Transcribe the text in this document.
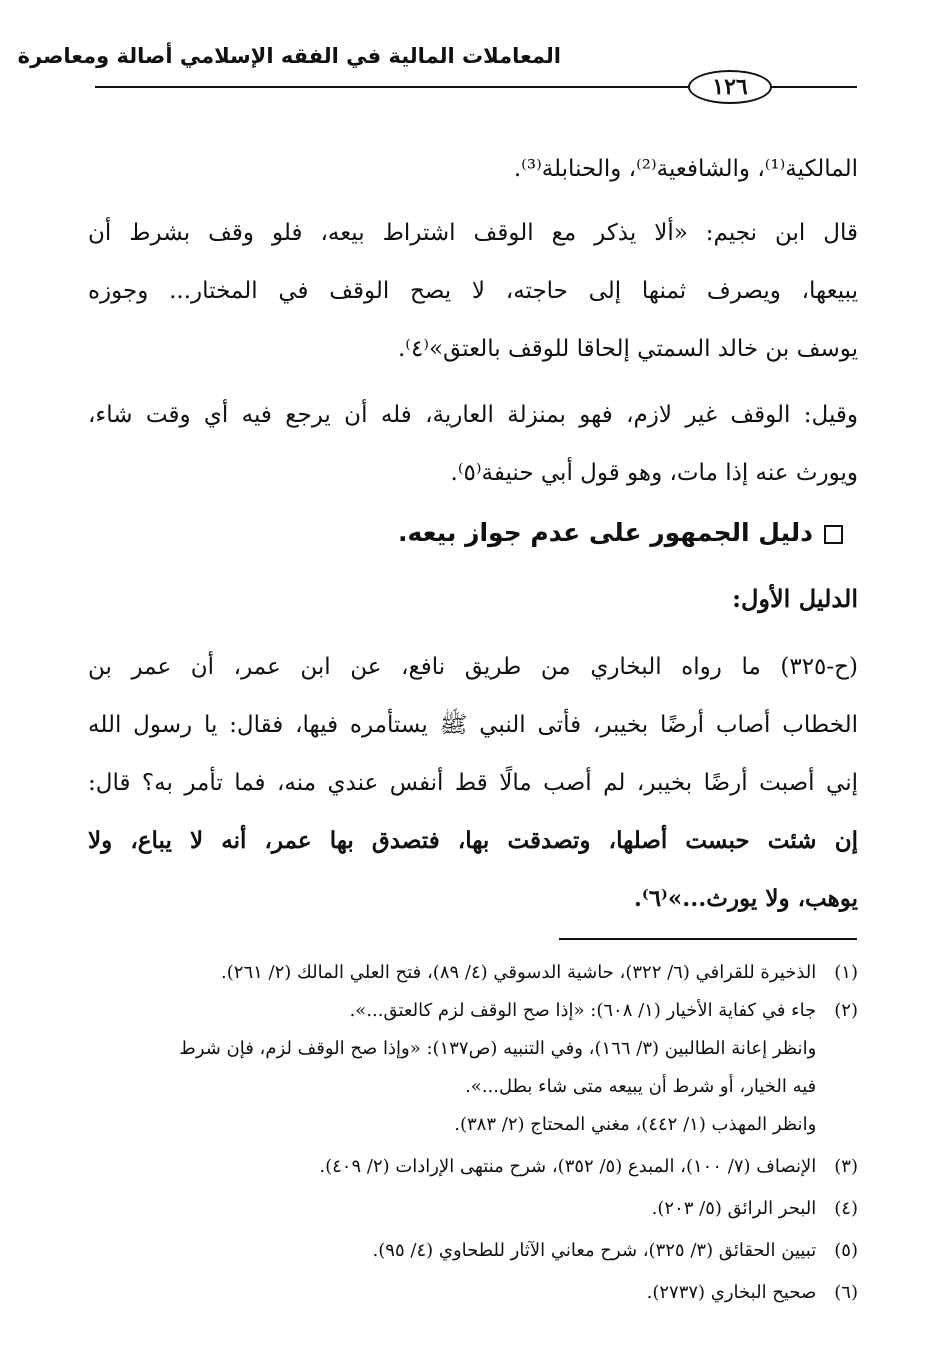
المعاملات المالية في الفقه الإسلامي أصالة ومعاصرة
١٢٦
المالكية⁽¹⁾، والشافعية⁽²⁾، والحنابلة⁽³⁾.
قال ابن نجيم: «ألا يذكر مع الوقف اشتراط بيعه، فلو وقف بشرط أن
يبيعها، ويصرف ثمنها إلى حاجته، لا يصح الوقف في المختار... وجوزه
يوسف بن خالد السمتي إلحاقا للوقف بالعتق»⁽٤⁾.
وقيل: الوقف غير لازم، فهو بمنزلة العارية، فله أن يرجع فيه أي وقت شاء،
ويورث عنه إذا مات، وهو قول أبي حنيفة⁽٥⁾.
(ح-٣٢٥) ما رواه البخاري من طريق نافع، عن ابن عمر، أن عمر بن
الخطاب أصاب أرضًا بخيبر، فأتى النبي ﷺ يستأمره فيها، فقال: يا رسول الله
إني أصبت أرضًا بخيبر، لم أصب مالًا قط أنفس عندي منه، فما تأمر به؟ قال:
إن شئت حبست أصلها، وتصدقت بها، فتصدق بها عمر، أنه لا يباع، ولا
يوهب، ولا يورث...»⁽٦⁾.
دليل الجمهور على عدم جواز بيعه.
الدليل الأول:
(١) الذخيرة للقرافي (٦/ ٣٢٢)، حاشية الدسوقي (٤/ ٨٩)، فتح العلي المالك (٢/ ٢٦١).
(٢) جاء في كفاية الأخيار (١/ ٦٠٨): «إذا صح الوقف لزم كالعتق...».
وانظر إعانة الطالبين (٣/ ١٦٦)، وفي التنبيه (ص١٣٧): «وإذا صح الوقف لزم، فإن شرط
فيه الخيار، أو شرط أن يبيعه متى شاء بطل...».
وانظر المهذب (١/ ٤٤٢)، مغني المحتاج (٢/ ٣٨٣).
(٣) الإنصاف (٧/ ١٠٠)، المبدع (٥/ ٣٥٢)، شرح منتهى الإرادات (٢/ ٤٠٩).
(٤) البحر الرائق (٥/ ٢٠٣).
(٥) تبيين الحقائق (٣/ ٣٢٥)، شرح معاني الآثار للطحاوي (٤/ ٩٥).
(٦) صحيح البخاري (٢٧٣٧).
